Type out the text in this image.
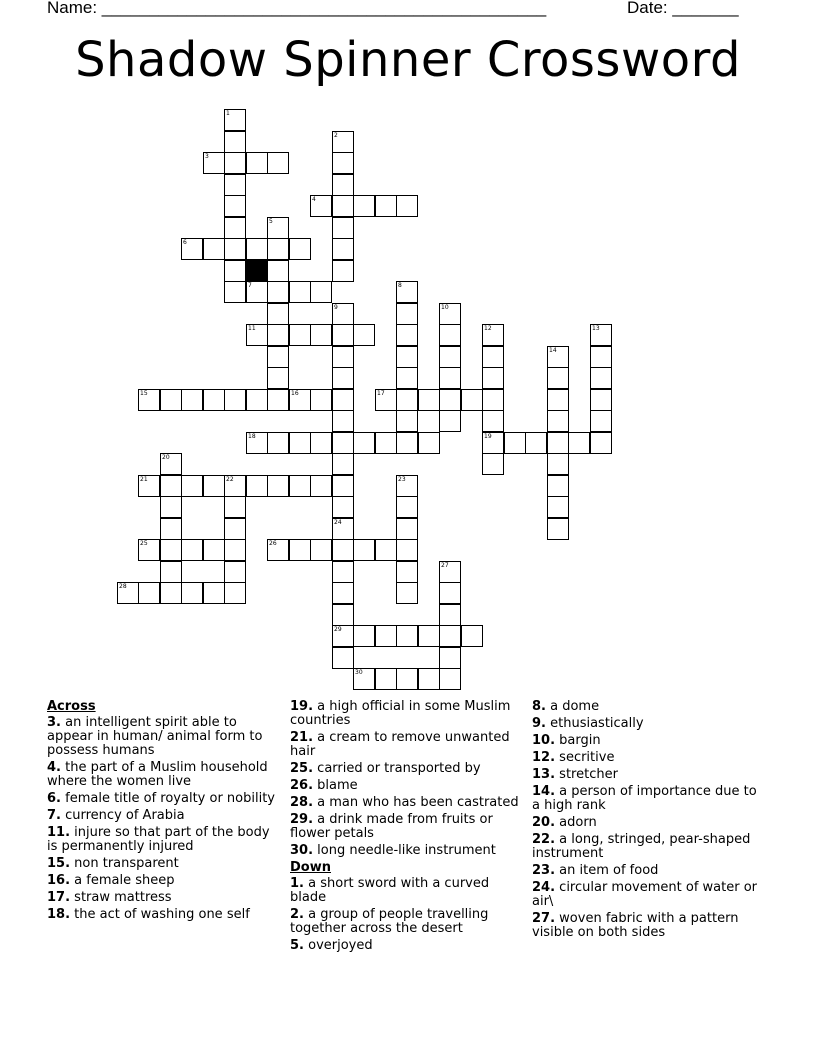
Name: _______________________________________________	Date: _______
Shadow Spinner Crossword
1
2
3
4
5
6
7	8
9	10
11	12
19
13
14
15	16	17
18
20
21	22	23
24
29
25	26
27
28
30
Across
3. an intelligent spirit able to appear in human/ animal form to possess humans
4. the part of a Muslim household where the women live
6. female title of royalty or nobility
7. currency of Arabia
11. injure so that part of the body is permanently injured
15. non transparent
16. a female sheep
17. straw mattress
18. the act of washing one self
19. a high official in some Muslim countries
21. a cream to remove unwanted hair
25. carried or transported by
26. blame
28. a man who has been castrated
29. a drink made from fruits or flower petals
30. long needle-like instrument
Down
1. a short sword with a curved blade
2. a group of people travelling together across the desert
5. overjoyed
8. a dome
9. ethusiastically
10. bargin
12. secritive
13. stretcher
14. a person of importance due to a high rank
20. adorn
22. a long, stringed, pear-shaped instrument
23. an item of food
24. circular movement of water or air\
27. woven fabric with a pattern visible on both sides
